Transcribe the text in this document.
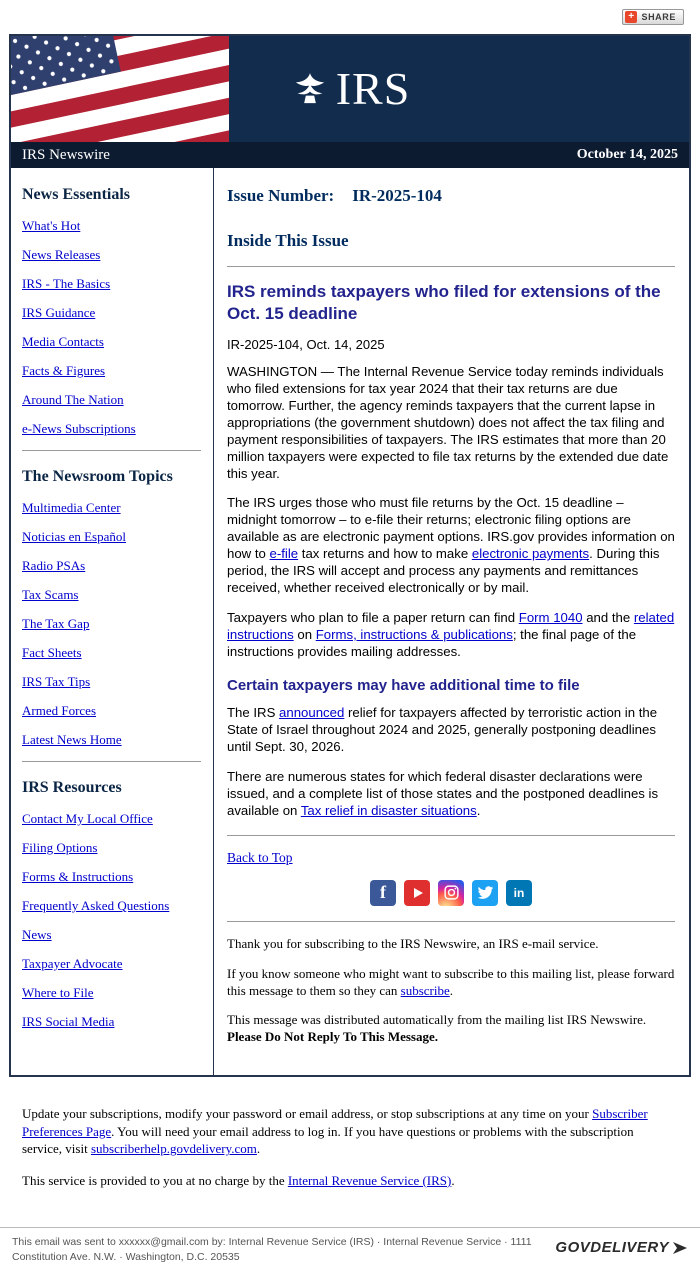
+ SHARE
IRS
IRS Newswire	October 14, 2025
News Essentials
What's Hot
News Releases
IRS - The Basics
IRS Guidance
Media Contacts
Facts & Figures
Around The Nation
e-News Subscriptions
The Newsroom Topics
Multimedia Center
Noticias en Español
Radio PSAs
Tax Scams
The Tax Gap
Fact Sheets
IRS Tax Tips
Armed Forces
Latest News Home
IRS Resources
Contact My Local Office
Filing Options
Forms & Instructions
Frequently Asked Questions
News
Taxpayer Advocate
Where to File
IRS Social Media
Issue Number: IR-2025-104
Inside This Issue
IRS reminds taxpayers who filed for extensions of the Oct. 15 deadline

IR-2025-104, Oct. 14, 2025

WASHINGTON — The Internal Revenue Service today reminds individuals who filed extensions for tax year 2024 that their tax returns are due tomorrow. Further, the agency reminds taxpayers that the current lapse in appropriations (the government shutdown) does not affect the tax filing and payment responsibilities of taxpayers. The IRS estimates that more than 20 million taxpayers were expected to file tax returns by the extended due date this year.

The IRS urges those who must file returns by the Oct. 15 deadline – midnight tomorrow – to e-file their returns; electronic filing options are available as are electronic payment options. IRS.gov provides information on how to e-file tax returns and how to make electronic payments. During this period, the IRS will accept and process any payments and remittances received, whether received electronically or by mail.

Taxpayers who plan to file a paper return can find Form 1040 and the related instructions on Forms, instructions & publications; the final page of the instructions provides mailing addresses.

Certain taxpayers may have additional time to file

The IRS announced relief for taxpayers affected by terroristic action in the State of Israel throughout 2024 and 2025, generally postponing deadlines until Sept. 30, 2026.

There are numerous states for which federal disaster declarations were issued, and a complete list of those states and the postponed deadlines is available on Tax relief in disaster situations.

Back to Top

f	in

Thank you for subscribing to the IRS Newswire, an IRS e-mail service.

If you know someone who might want to subscribe to this mailing list, please forward this message to them so they can subscribe.

This message was distributed automatically from the mailing list IRS Newswire. Please Do Not Reply To This Message.

Update your subscriptions, modify your password or email address, or stop subscriptions at any time on your Subscriber Preferences Page. You will need your email address to log in. If you have questions or problems with the subscription service, visit subscriberhelp.govdelivery.com.

This service is provided to you at no charge by the Internal Revenue Service (IRS).

This email was sent to xxxxxx@gmail.com by: Internal Revenue Service (IRS) · Internal Revenue Service · 1111 Constitution Ave. N.W. · Washington, D.C. 20535
GOVDELIVERY
